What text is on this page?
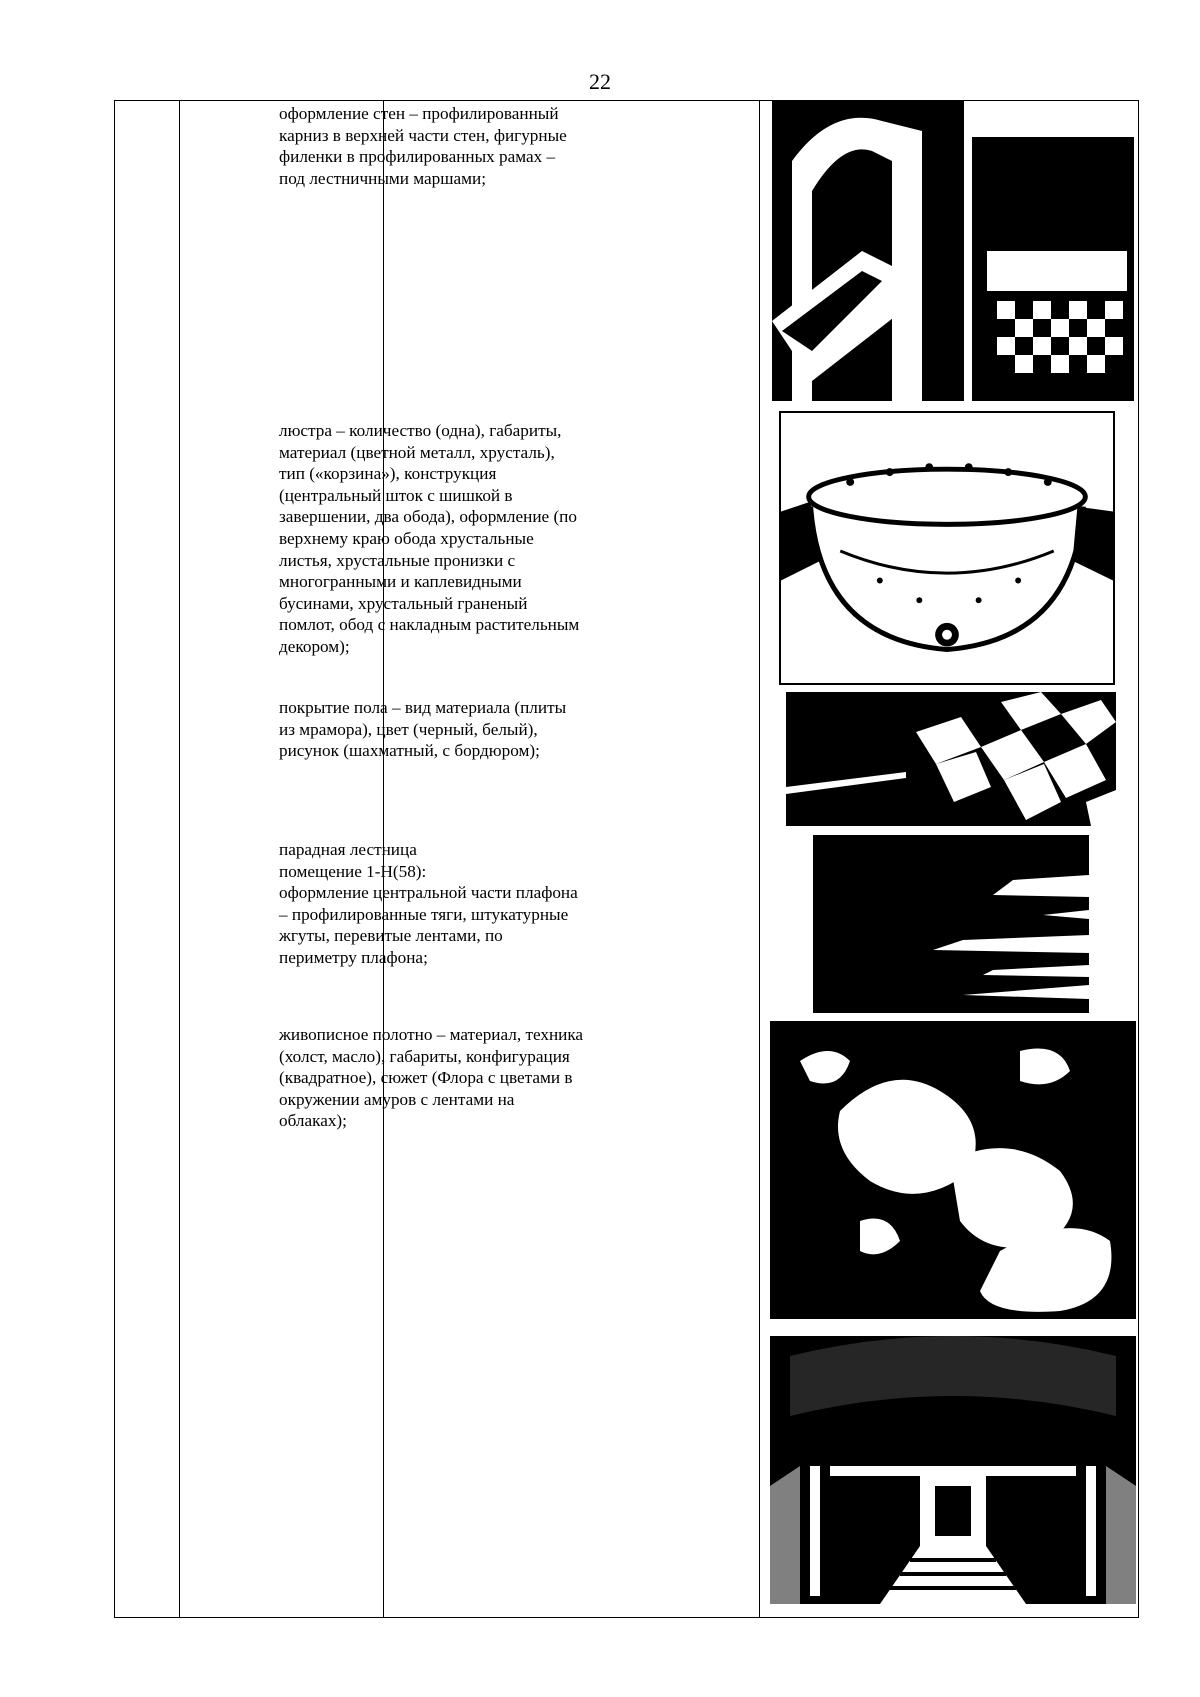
22
оформление стен – профилированный
карниз в верхней части стен, фигурные
филенки в профилированных рамах –
под лестничными маршами;
люстра – количество (одна), габариты,
материал (цветной металл, хрусталь),
тип («корзина»), конструкция
(центральный шток с шишкой в
завершении, два обода), оформление (по
верхнему краю обода хрустальные
листья, хрустальные пронизки с
многогранными и каплевидными
бусинами, хрустальный граненый
помлот, обод с накладным растительным
декором);
покрытие пола – вид материала (плиты
из мрамора), цвет (черный, белый),
рисунок (шахматный, с бордюром);
парадная лестница
помещение 1-Н(58):
оформление центральной части плафона
– профилированные тяги, штукатурные
жгуты, перевитые лентами, по
периметру плафона;
живописное полотно – материал, техника
(холст, масло), габариты, конфигурация
(квадратное), сюжет (Флора с цветами в
окружении амуров с лентами на
облаках);
